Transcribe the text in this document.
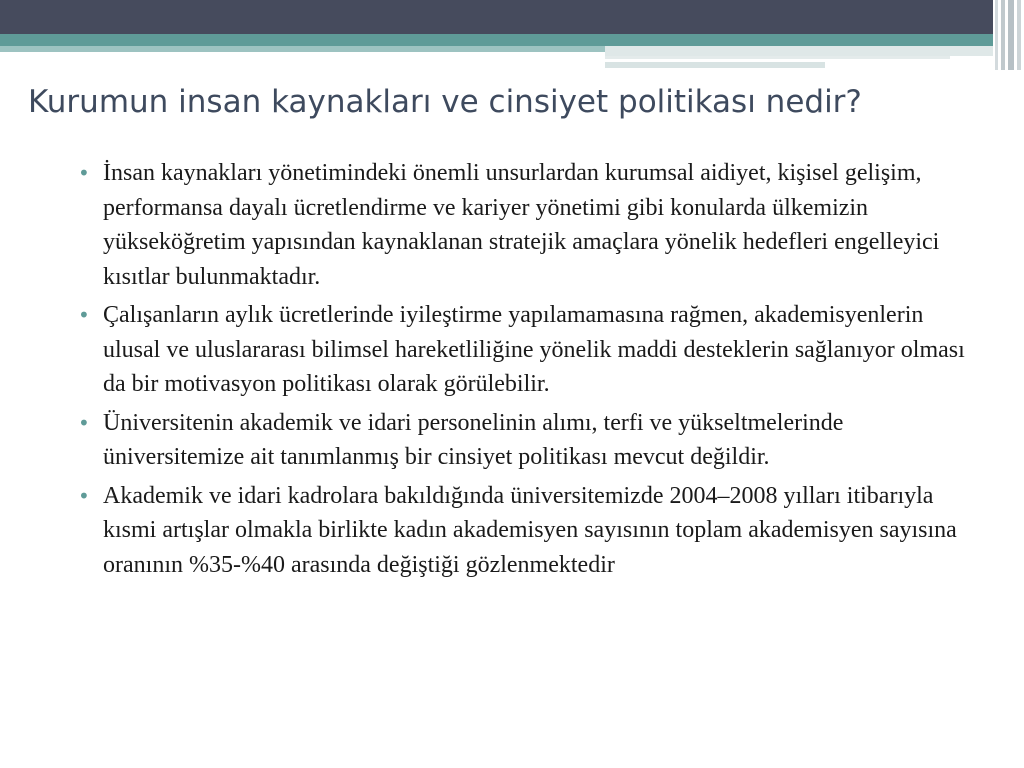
Kurumun insan kaynakları ve cinsiyet politikası nedir?
• İnsan kaynakları yönetimindeki önemli unsurlardan kurumsal aidiyet, kişisel gelişim, performansa dayalı ücretlendirme ve kariyer yönetimi gibi konularda ülkemizin yükseköğretim yapısından kaynaklanan stratejik amaçlara yönelik hedefleri engelleyici kısıtlar bulunmaktadır.
• Çalışanların aylık ücretlerinde iyileştirme yapılamamasına rağmen, akademisyenlerin ulusal ve uluslararası bilimsel hareketliliğine yönelik maddi desteklerin sağlanıyor olması da bir motivasyon politikası olarak görülebilir.
• Üniversitenin akademik ve idari personelinin alımı, terfi ve yükseltmelerinde üniversitemize ait tanımlanmış bir cinsiyet politikası mevcut değildir.
• Akademik ve idari kadrolara bakıldığında üniversitemizde 2004–2008 yılları itibarıyla kısmi artışlar olmakla birlikte kadın akademisyen sayısının toplam akademisyen sayısına oranının %35-%40 arasında değiştiği gözlenmektedir
